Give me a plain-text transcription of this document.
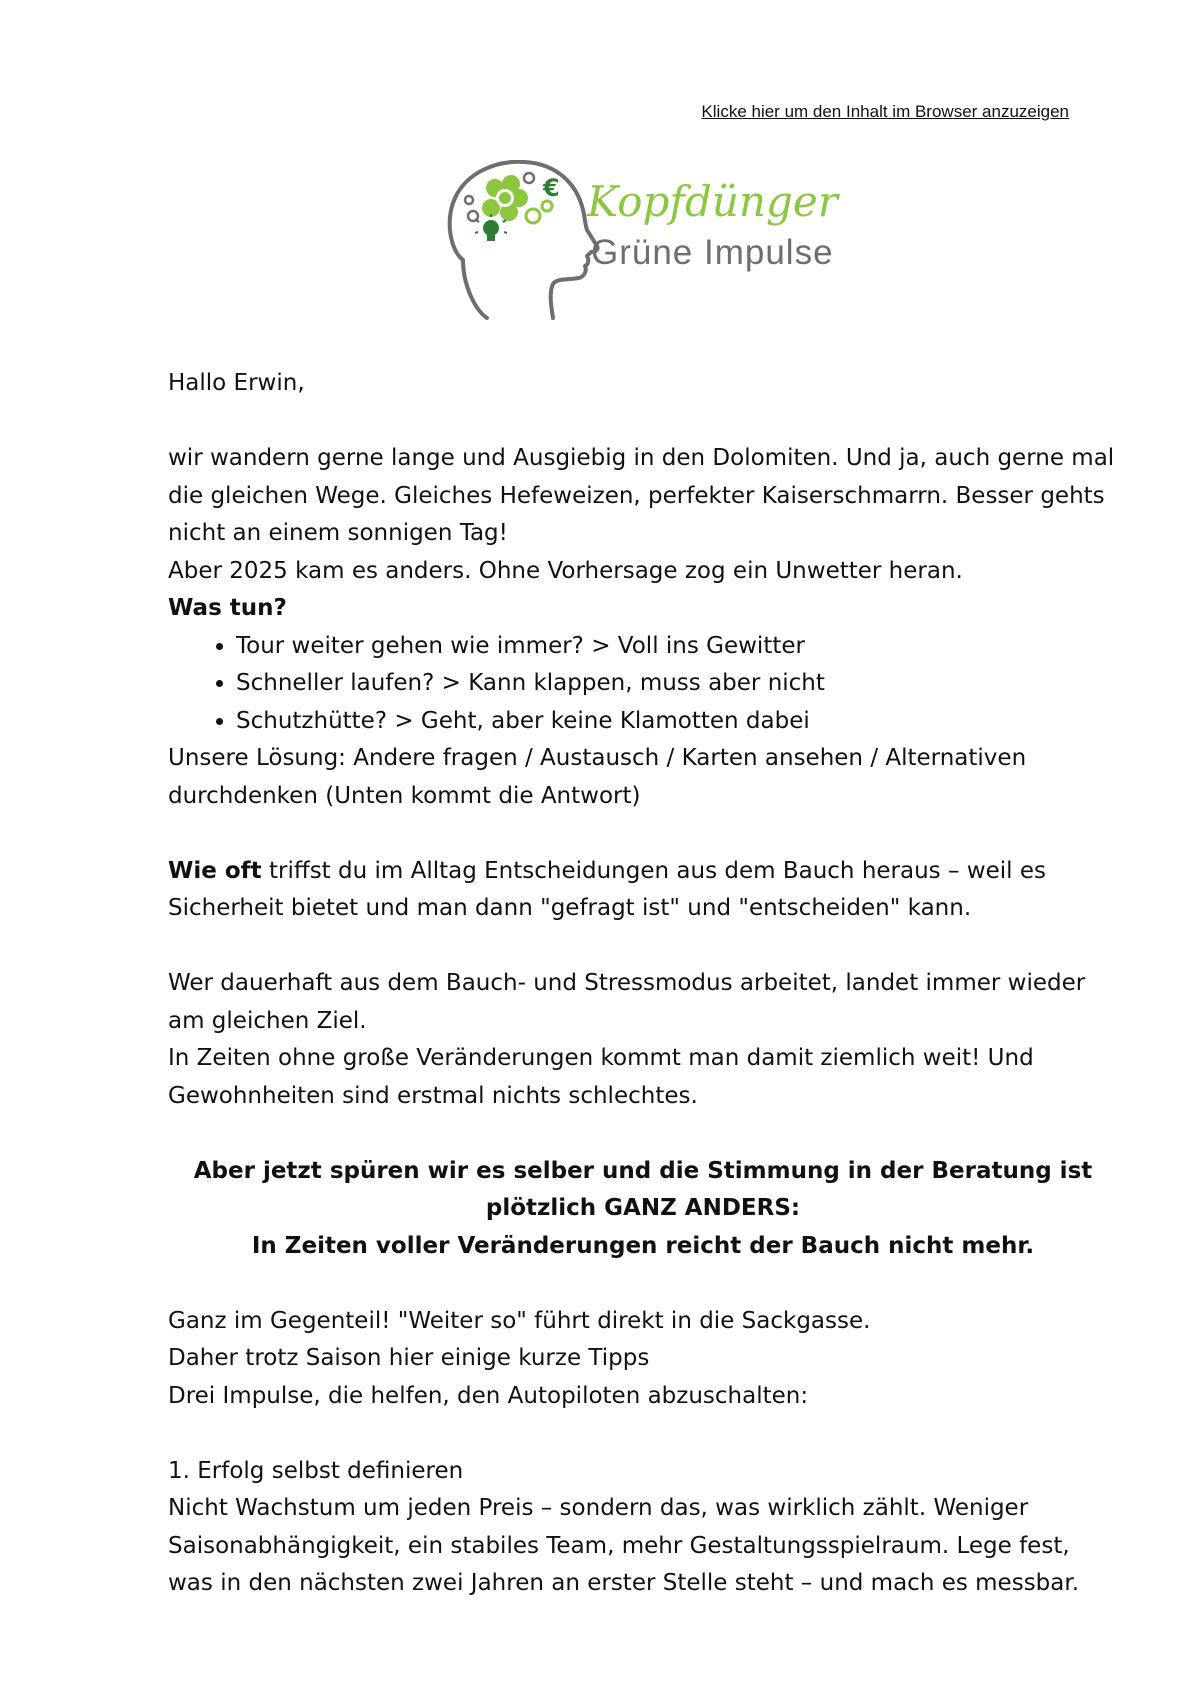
Klicke hier um den Inhalt im Browser anzuzeigen
€ Kopfdünger
Grüne Impulse

Hallo Erwin,

wir wandern gerne lange und Ausgiebig in den Dolomiten. Und ja, auch gerne mal

die gleichen Wege. Gleiches Hefeweizen, perfekter Kaiserschmarrn. Besser gehts

nicht an einem sonnigen Tag!

Aber 2025 kam es anders. Ohne Vorhersage zog ein Unwetter heran.

Was tun?

• Tour weiter gehen wie immer? > Voll ins Gewitter
• Schneller laufen? > Kann klappen, muss aber nicht
• Schutzhütte? > Geht, aber keine Klamotten dabei

Unsere Lösung: Andere fragen / Austausch / Karten ansehen / Alternativen

durchdenken (Unten kommt die Antwort)

Wie oft triffst du im Alltag Entscheidungen aus dem Bauch heraus – weil es

Sicherheit bietet und man dann "gefragt ist" und "entscheiden" kann.

Wer dauerhaft aus dem Bauch- und Stressmodus arbeitet, landet immer wieder

am gleichen Ziel.

In Zeiten ohne große Veränderungen kommt man damit ziemlich weit! Und

Gewohnheiten sind erstmal nichts schlechtes.

Aber jetzt spüren wir es selber und die Stimmung in der Beratung ist

plötzlich GANZ ANDERS:

In Zeiten voller Veränderungen reicht der Bauch nicht mehr.

Ganz im Gegenteil! "Weiter so" führt direkt in die Sackgasse.

Daher trotz Saison hier einige kurze Tipps

Drei Impulse, die helfen, den Autopiloten abzuschalten:

1. Erfolg selbst definieren

Nicht Wachstum um jeden Preis – sondern das, was wirklich zählt. Weniger

Saisonabhängigkeit, ein stabiles Team, mehr Gestaltungsspielraum. Lege fest,

was in den nächsten zwei Jahren an erster Stelle steht – und mach es messbar.
